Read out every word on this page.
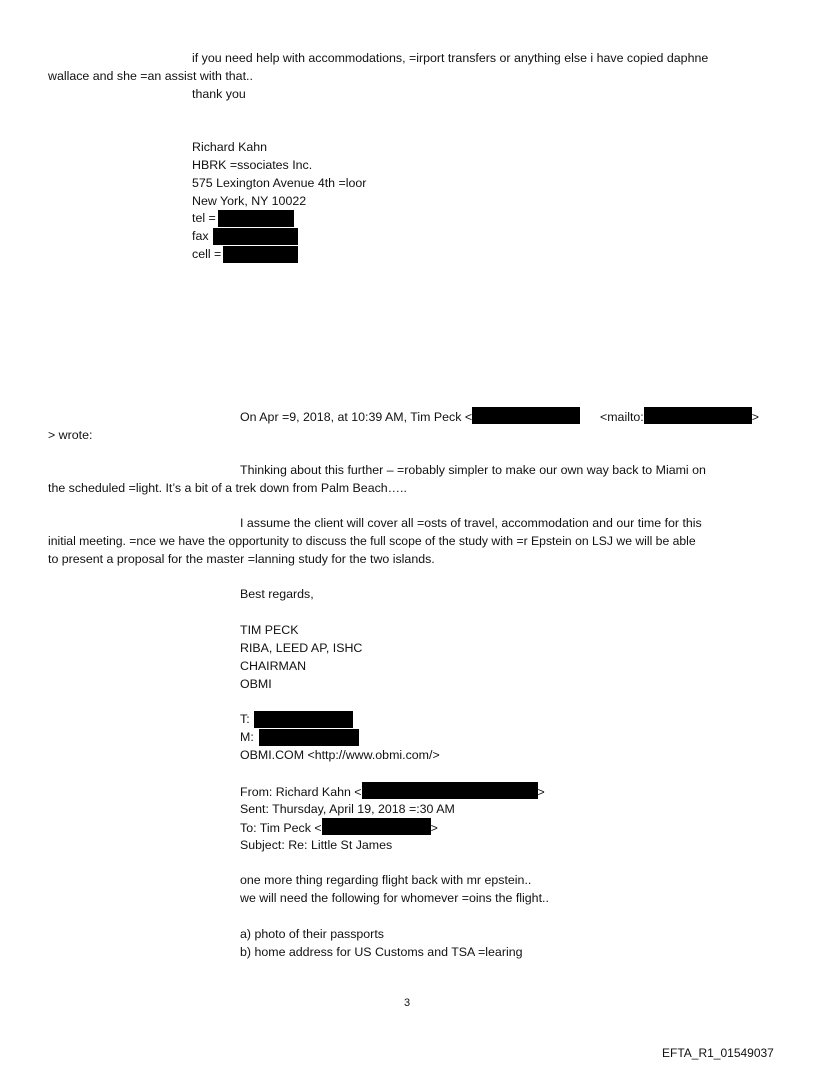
if you need help with accommodations, =irport transfers or anything else i have copied daphne
wallace and she =an assist with that..
thank you
Richard Kahn
HBRK =ssociates Inc.
575 Lexington Avenue 4th =loor
New York, NY 10022
tel =
fax
cell =
On Apr =9, 2018, at 10:39 AM, Tim Peck <	<mailto:	>
> wrote:
Thinking about this further – =robably simpler to make our own way back to Miami on
the scheduled =light. It’s a bit of a trek down from Palm Beach…..
I assume the client will cover all =osts of travel, accommodation and our time for this
initial meeting. =nce we have the opportunity to discuss the full scope of the study with =r Epstein on LSJ we will be able
to present a proposal for the master =lanning study for the two islands.
Best regards,
TIM PECK
RIBA, LEED AP, ISHC
CHAIRMAN
OBMI
T:
M:
OBMI.COM <http://www.obmi.com/>
From: Richard Kahn <	>
Sent: Thursday, April 19, 2018 =:30 AM
To: Tim Peck <	>
Subject: Re: Little St James
one more thing regarding flight back with mr epstein..
we will need the following for whomever =oins the flight..
a) photo of their passports
b) home address for US Customs and TSA =learing
3
EFTA_R1_01549037
